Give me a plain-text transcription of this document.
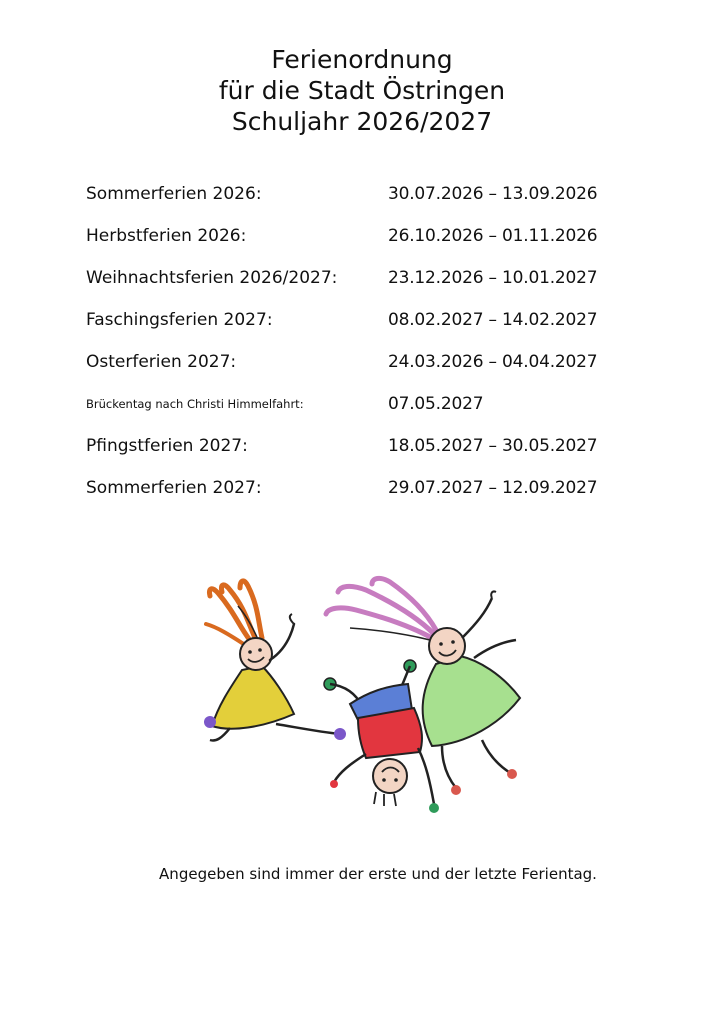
Ferienordnung
für die Stadt Östringen
Schuljahr 2026/2027
Sommerferien 2026:	30.07.2026 – 13.09.2026
Herbstferien 2026:	26.10.2026 – 01.11.2026
Weihnachtsferien 2026/2027:	23.12.2026 – 10.01.2027
Faschingsferien 2027:	08.02.2027 – 14.02.2027
Osterferien 2027:	24.03.2026 – 04.04.2027
Brückentag nach Christi Himmelfahrt:	07.05.2027
Pfingstferien 2027:	18.05.2027 – 30.05.2027
Sommerferien 2027:	29.07.2027 – 12.09.2027
Angegeben sind immer der erste und der letzte Ferientag.
